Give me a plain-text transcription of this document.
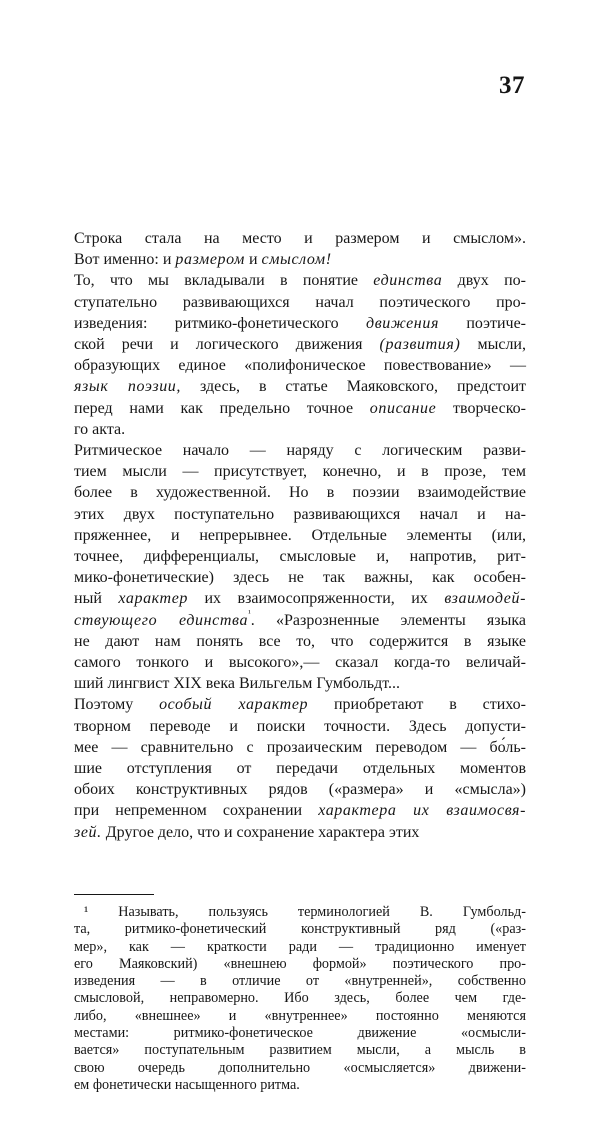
37
Строка стала на место и размером и смыслом».
Вот именно: и размером и смыслом!
То, что мы вкладывали в понятие единства двух по-
ступательно развивающихся начал поэтического про-
изведения: ритмико-фонетического движения поэтиче-
ской речи и логического движения (развития) мысли,
образующих единое «полифоническое повествование» —
язык поэзии, здесь, в статье Маяковского, предстоит
перед нами как предельно точное описание творческо-
го акта.
Ритмическое начало — наряду с логическим разви-
тием мысли — присутствует, конечно, и в прозе, тем
более в художественной. Но в поэзии взаимодействие
этих двух поступательно развивающихся начал и на-
пряженнее, и непрерывнее. Отдельные элементы (или,
точнее, дифференциалы, смысловые и, напротив, рит-
мико-фонетические) здесь не так важны, как особен-
ный характер их взаимосопряженности, их взаимодей-
ствующего единства$^{^1}$. «Разрозненные элементы языка
не дают нам понять все то, что содержится в языке
самого тонкого и высокого»,— сказал когда-то величай-
ший лингвист XIX века Вильгельм Гумбольдт...
Поэтому особый характер приобретают в стихо-
творном переводе и поиски точности. Здесь допусти-
мее — сравнительно с прозаическим переводом — бо́ль-
шие отступления от передачи отдельных моментов
обоих конструктивных рядов («размера» и «смысла»)
при непременном сохранении характера их взаимосвя-
зей. Другое дело, что и сохранение характера этих
¹ Называть, пользуясь терминологией В. Гумбольд-
та, ритмико-фонетический конструктивный ряд («раз-
мер», как — краткости ради — традиционно именует
его Маяковский) «внешнею формой» поэтического про-
изведения — в отличие от «внутренней», собственно
смысловой, неправомерно. Ибо здесь, более чем где-
либо, «внешнее» и «внутреннее» постоянно меняются
местами: ритмико-фонетическое движение «осмысли-
вается» поступательным развитием мысли, а мысль в
свою очередь дополнительно «осмысляется» движени-
ем фонетически насыщенного ритма.
